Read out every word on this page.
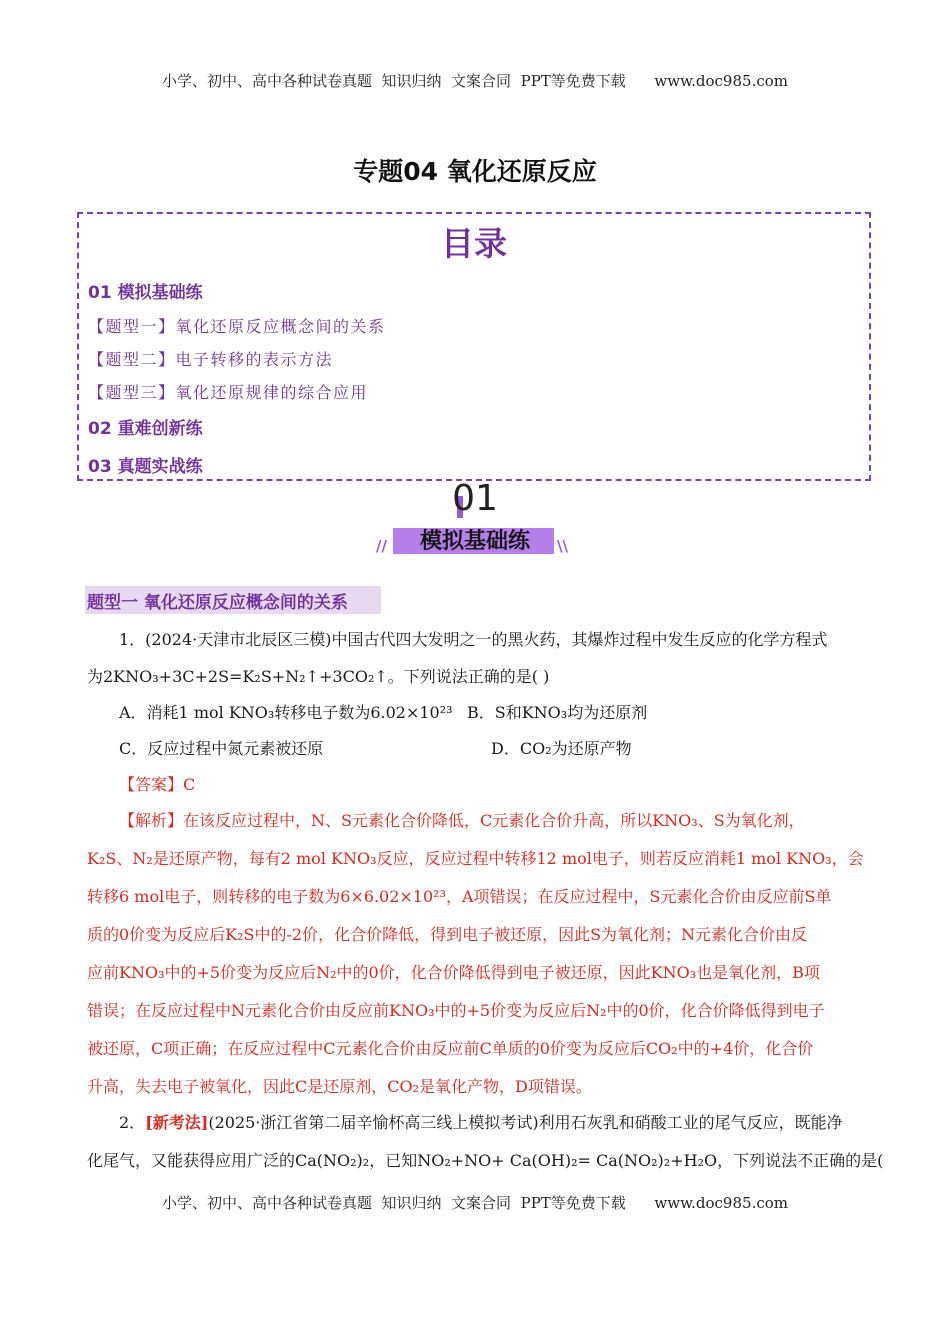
小学、初中、高中各种试卷真题  知识归纳  文案合同  PPT等免费下载      www.doc985.com
专题04 氧化还原反应
目录
01 模拟基础练
【题型一】氧化还原反应概念间的关系
【题型二】电子转移的表示方法
【题型三】氧化还原规律的综合应用
02 重难创新练
03 真题实战练
01
模拟基础练
//	\\
题型一 氧化还原反应概念间的关系
1．(2024·天津市北辰区三模)中国古代四大发明之一的黑火药，其爆炸过程中发生反应的化学方程式
为2KNO₃+3C+2S=K₂S+N₂↑+3CO₂↑。下列说法正确的是( )
A．消耗1 mol KNO₃转移电子数为6.02×10²³ B．S和KNO₃均为还原剂
C．反应过程中氮元素被还原	D．CO₂为还原产物
【答案】C
【解析】在该反应过程中，N、S元素化合价降低，C元素化合价升高，所以KNO₃、S为氧化剂，
K₂S、N₂是还原产物，每有2 mol KNO₃反应，反应过程中转移12 mol电子，则若反应消耗1 mol KNO₃，会
转移6 mol电子，则转移的电子数为6×6.02×10²³，A项错误；在反应过程中，S元素化合价由反应前S单
质的0价变为反应后K₂S中的-2价，化合价降低，得到电子被还原，因此S为氧化剂；N元素化合价由反
应前KNO₃中的+5价变为反应后N₂中的0价，化合价降低得到电子被还原，因此KNO₃也是氧化剂，B项
错误；在反应过程中N元素化合价由反应前KNO₃中的+5价变为反应后N₂中的0价，化合价降低得到电子
被还原，C项正确；在反应过程中C元素化合价由反应前C单质的0价变为反应后CO₂中的+4价，化合价
升高，失去电子被氧化，因此C是还原剂，CO₂是氧化产物，D项错误。
2．[新考法](2025·浙江省第二届辛愉杯高三线上模拟考试)利用石灰乳和硝酸工业的尾气反应，既能净
化尾气，又能获得应用广泛的Ca(NO₂)₂，已知NO₂+NO+ Ca(OH)₂= Ca(NO₂)₂+H₂O，下列说法不正确的是(
小学、初中、高中各种试卷真题  知识归纳  文案合同  PPT等免费下载      www.doc985.com
